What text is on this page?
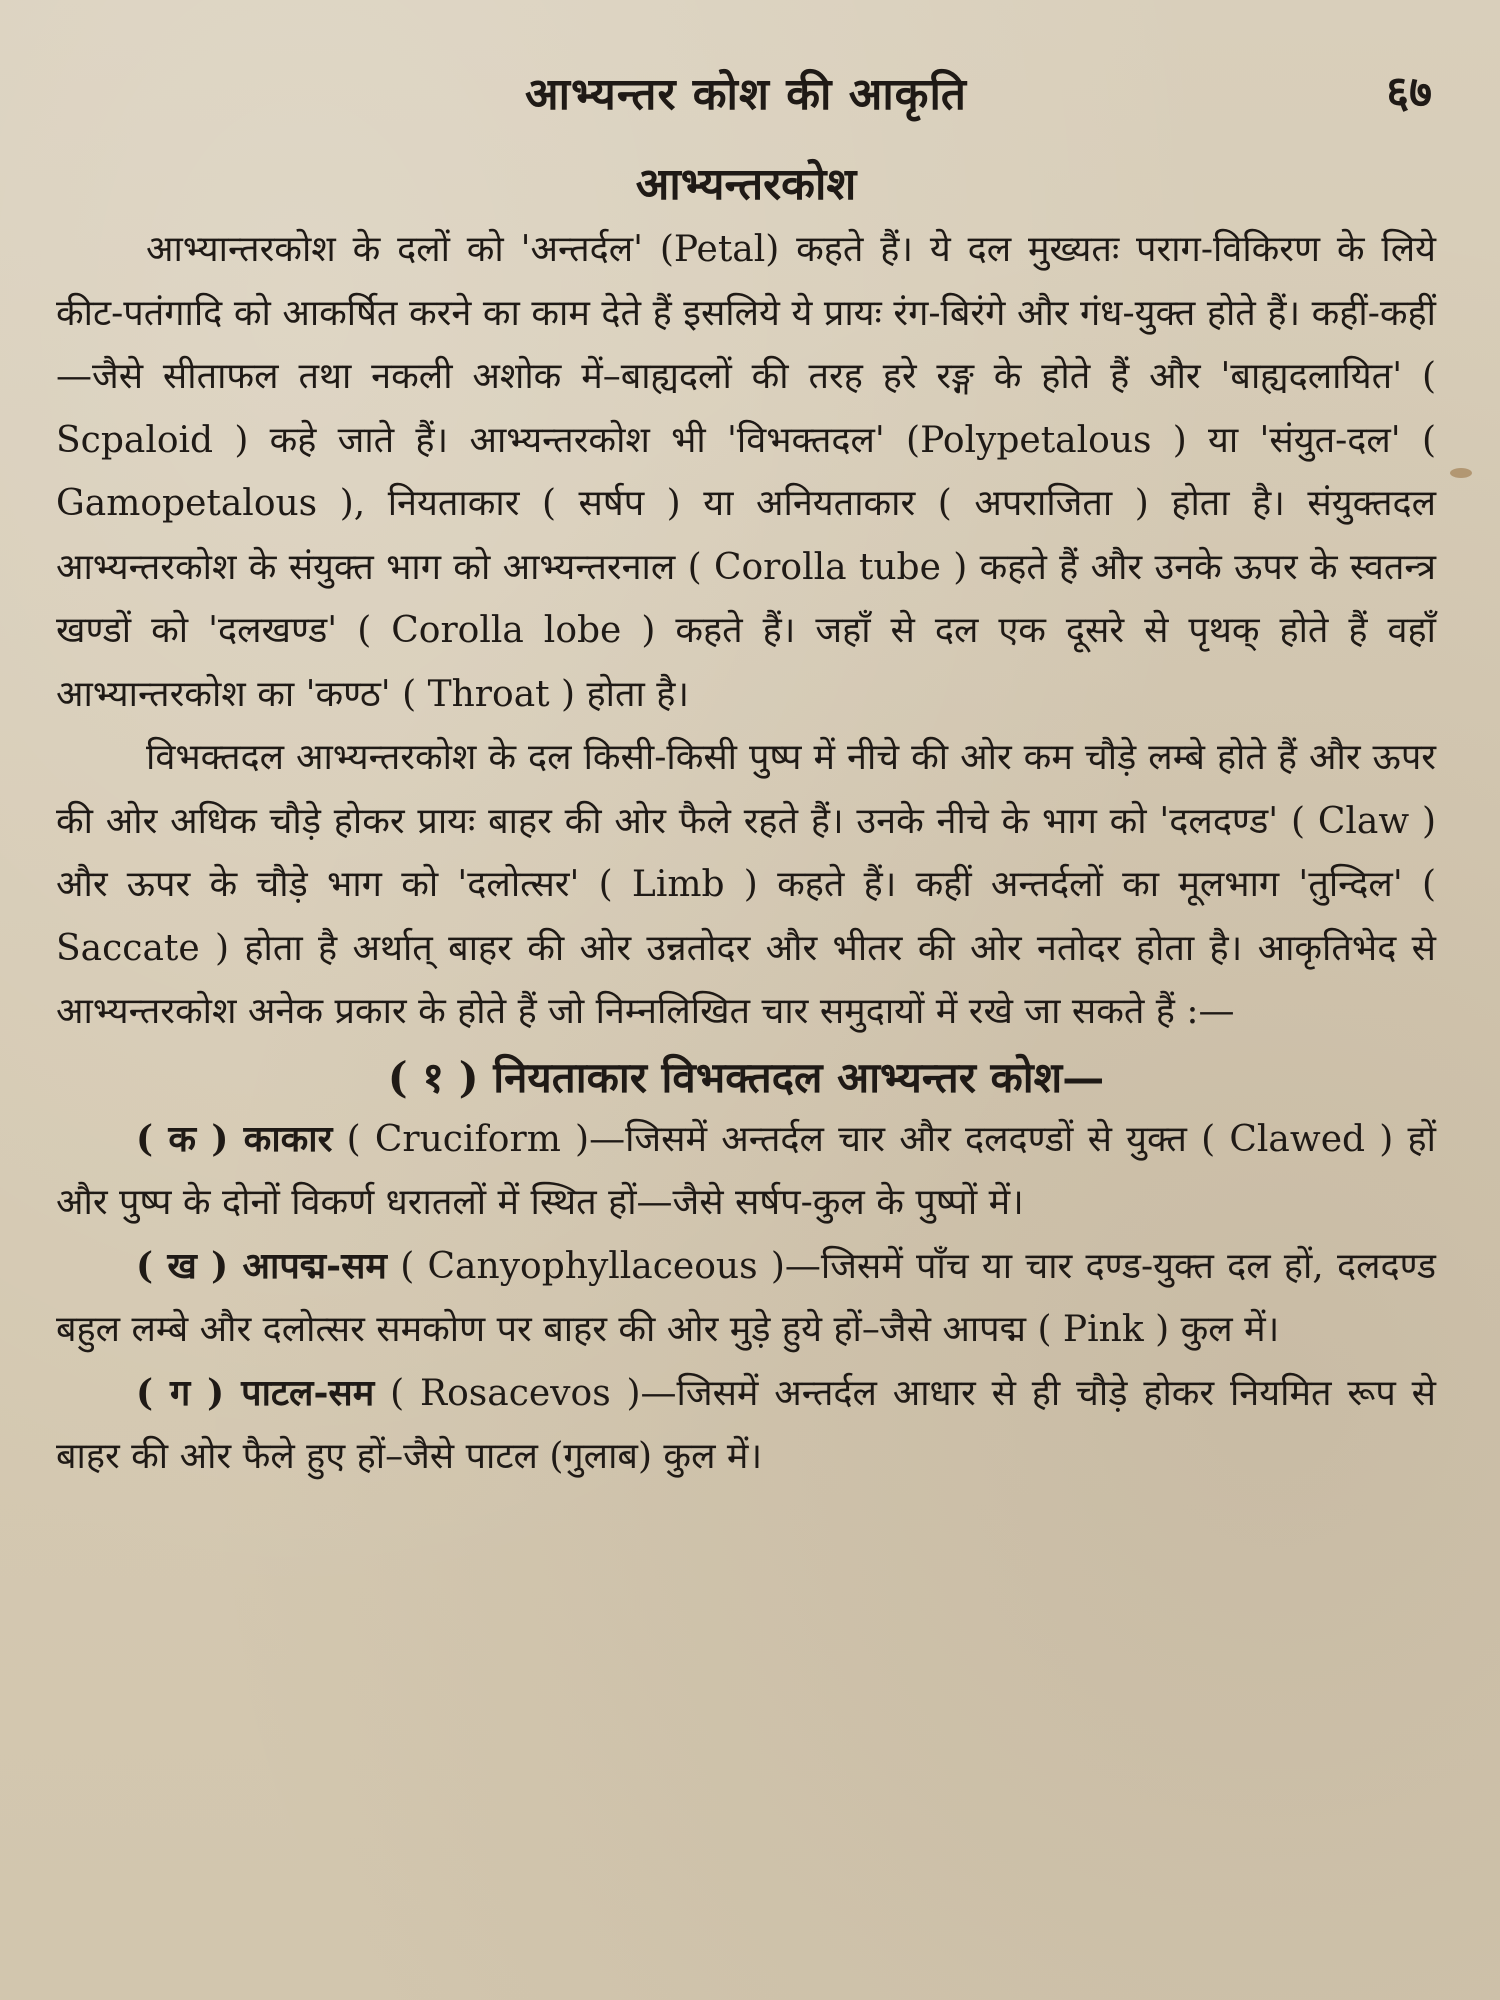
आभ्यन्तर कोश की आकृति	६७
आभ्यन्तरकोश

आभ्यान्तरकोश के दलों को 'अन्तर्दल' (Petal) कहते हैं। ये दल मुख्यतः पराग-विकिरण के लिये कीट-पतंगादि को आकर्षित करने का काम देते हैं इसलिये ये प्रायः रंग-बिरंगे और गंध-युक्त होते हैं। कहीं-कहीं—जैसे सीताफल तथा नकली अशोक में–बाह्यदलों की तरह हरे रङ्ग के होते हैं और 'बाह्यदलायित' ( Scpaloid ) कहे जाते हैं। आभ्यन्तरकोश भी 'विभक्तदल' (Polypetalous ) या 'संयुत-दल' ( Gamopetalous ), नियताकार ( सर्षप ) या अनियताकार ( अपराजिता ) होता है। संयुक्तदल आभ्यन्तरकोश के संयुक्त भाग को आभ्यन्तरनाल ( Corolla tube ) कहते हैं और उनके ऊपर के स्वतन्त्र खण्डों को 'दलखण्ड' ( Corolla lobe ) कहते हैं। जहाँ से दल एक दूसरे से पृथक् होते हैं वहाँ आभ्यान्तरकोश का 'कण्ठ' ( Throat ) होता है।

विभक्तदल आभ्यन्तरकोश के दल किसी-किसी पुष्प में नीचे की ओर कम चौड़े लम्बे होते हैं और ऊपर की ओर अधिक चौड़े होकर प्रायः बाहर की ओर फैले रहते हैं। उनके नीचे के भाग को 'दलदण्ड' ( Claw ) और ऊपर के चौड़े भाग को 'दलोत्सर' ( Limb ) कहते हैं। कहीं अन्तर्दलों का मूलभाग 'तुन्दिल' ( Saccate ) होता है अर्थात् बाहर की ओर उन्नतोदर और भीतर की ओर नतोदर होता है। आकृतिभेद से आभ्यन्तरकोश अनेक प्रकार के होते हैं जो निम्नलिखित चार समुदायों में रखे जा सकते हैं :—

( १ ) नियताकार विभक्तदल आभ्यन्तर कोश—

( क ) काकार ( Cruciform )—जिसमें अन्तर्दल चार और दलदण्डों से युक्त ( Clawed ) हों और पुष्प के दोनों विकर्ण धरातलों में स्थित हों—जैसे सर्षप-कुल के पुष्पों में।

( ख ) आपद्म-सम ( Canyophyllaceous )—जिसमें पाँच या चार दण्ड-युक्त दल हों, दलदण्ड बहुल लम्बे और दलोत्सर समकोण पर बाहर की ओर मुड़े हुये हों–जैसे आपद्म ( Pink ) कुल में।

( ग ) पाटल-सम ( Rosacevos )—जिसमें अन्तर्दल आधार से ही चौड़े होकर नियमित रूप से बाहर की ओर फैले हुए हों–जैसे पाटल (गुलाब) कुल में।
